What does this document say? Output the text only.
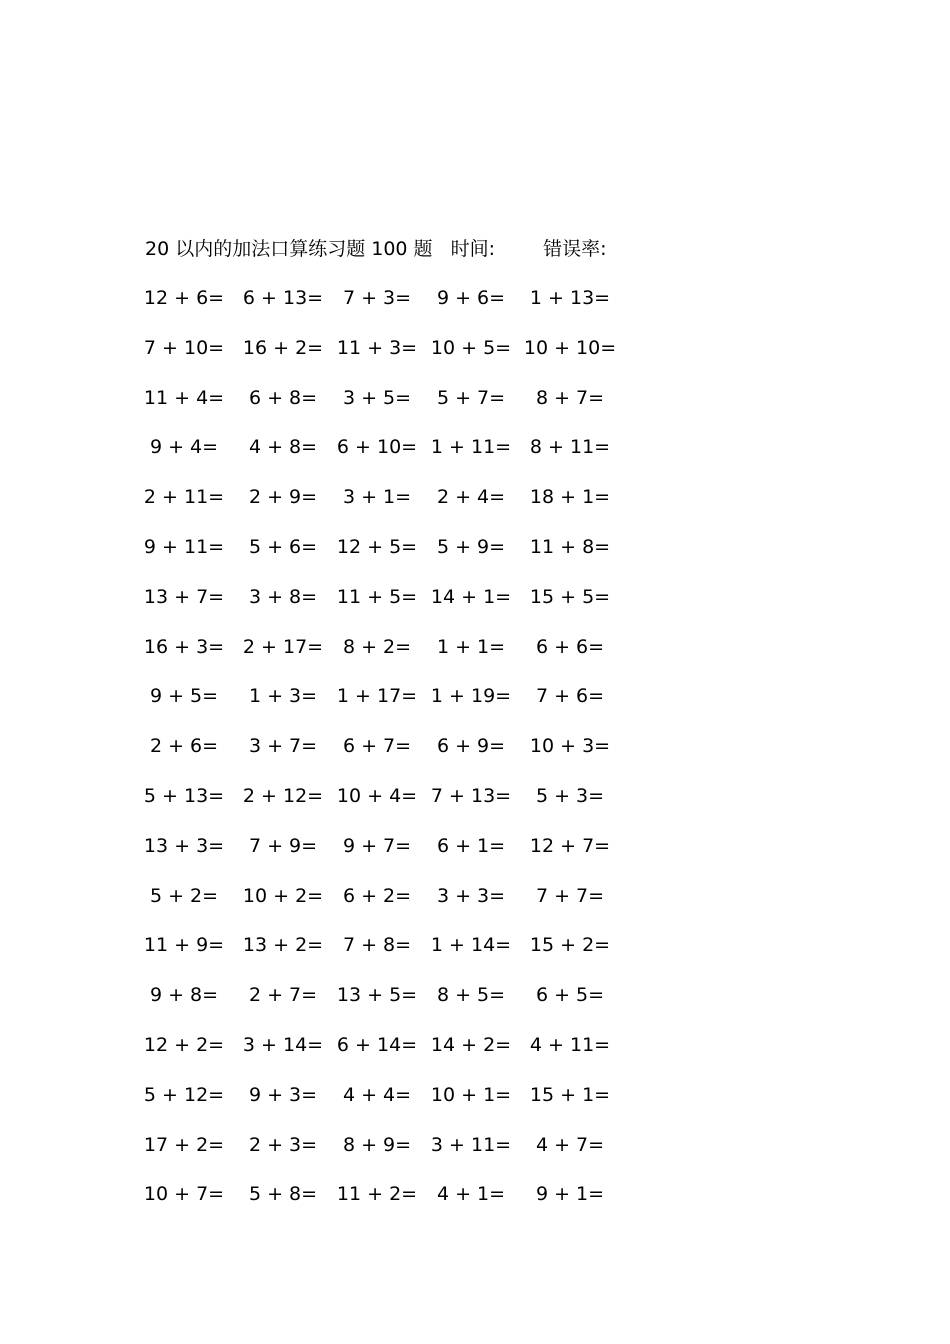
20 以内的加法口算练习题 100 题 时间:	错误率:
12 + 6= 6 + 13=	7 + 3=	9 + 6=	1 + 13=
7 + 10= 16 + 2= 11 + 3= 10 + 5= 10 + 10=
11 + 4=	6 + 8=	3 + 5=	5 + 7=	8 + 7=
9 + 4=	4 + 8=	6 + 10= 1 + 11= 8 + 11=
2 + 11=	2 + 9=	3 + 1=	2 + 4=	18 + 1=
9 + 11=	5 + 6=	12 + 5=	5 + 9=	11 + 8=
13 + 7=	3 + 8=	11 + 5= 14 + 1= 15 + 5=
16 + 3= 2 + 17=	8 + 2=	1 + 1=	6 + 6=
9 + 5=	1 + 3=	1 + 17= 1 + 19=	7 + 6=
2 + 6=	3 + 7=	6 + 7=	6 + 9=	10 + 3=
5 + 13= 2 + 12= 10 + 4= 7 + 13=	5 + 3=
13 + 3=	7 + 9=	9 + 7=	6 + 1=	12 + 7=
5 + 2=	10 + 2=	6 + 2=	3 + 3=	7 + 7=
11 + 9= 13 + 2=	7 + 8=	1 + 14= 15 + 2=
9 + 8=	2 + 7=	13 + 5=	8 + 5=	6 + 5=
12 + 2= 3 + 14= 6 + 14= 14 + 2= 4 + 11=
5 + 12=	9 + 3=	4 + 4=	10 + 1= 15 + 1=
17 + 2=	2 + 3=	8 + 9=	3 + 11=	4 + 7=
10 + 7=	5 + 8=	11 + 2=	4 + 1=	9 + 1=
